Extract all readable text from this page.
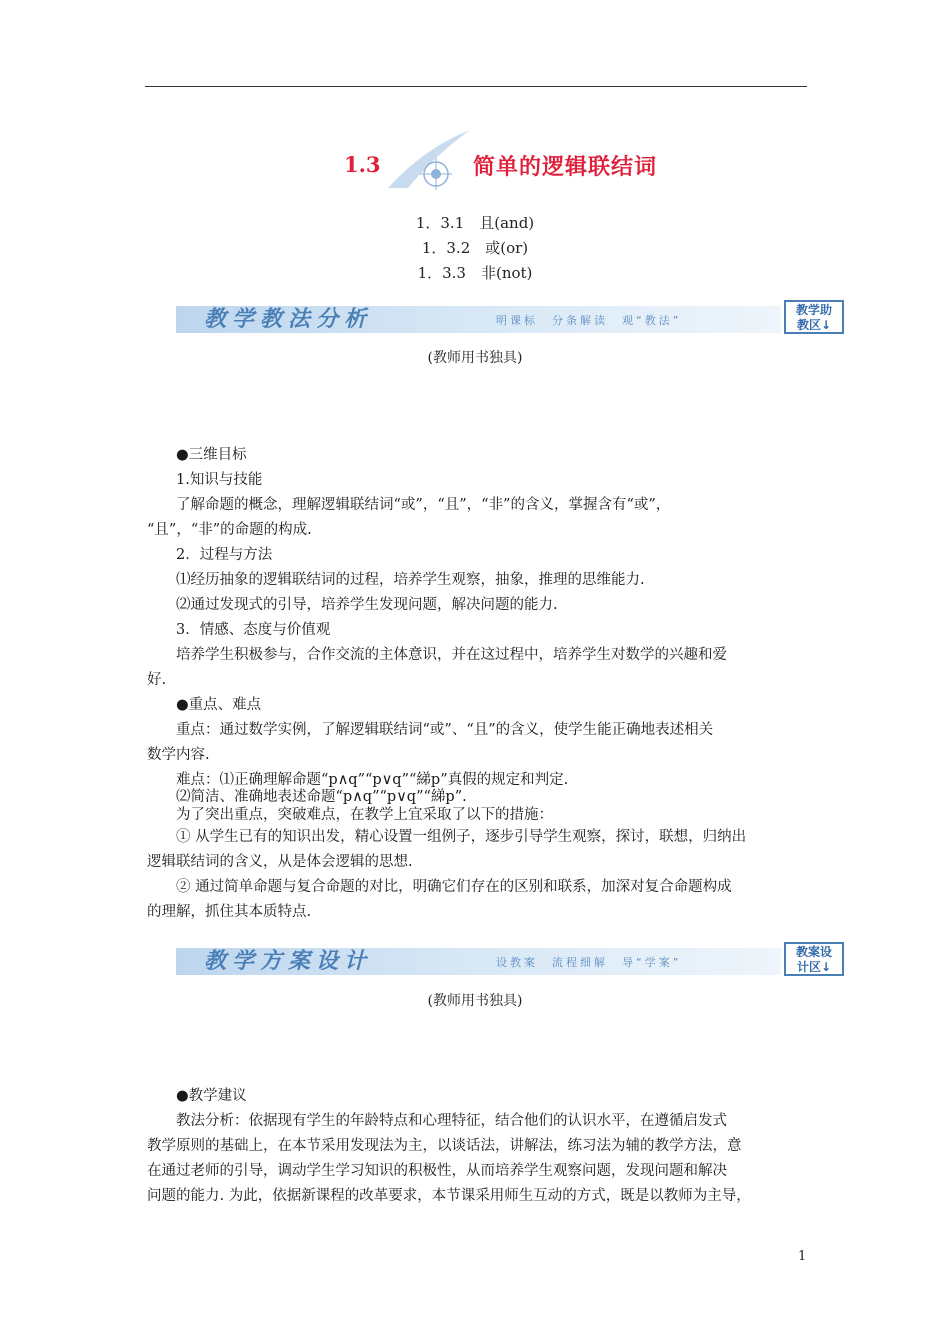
1.3	简单的逻辑联结词
1．3.1　且(and)
1．3.2　或(or)
1．3.3　非(not)
教学教法分析	明课标　分条解读　观“教法”
教学助
教区↓
(教师用书独具)
●三维目标
1.知识与技能
了解命题的概念，理解逻辑联结词“或”，“且”，“非”的含义，掌握含有“或”，
“且”，“非”的命题的构成.
2．过程与方法
⑴经历抽象的逻辑联结词的过程，培养学生观察，抽象，推理的思维能力.
⑵通过发现式的引导，培养学生发现问题，解决问题的能力.
3．情感、态度与价值观
培养学生积极参与，合作交流的主体意识，并在这过程中，培养学生对数学的兴趣和爱
好.
●重点、难点
重点：通过数学实例，了解逻辑联结词“或”、“且”的含义，使学生能正确地表述相关
数学内容.
难点：⑴正确理解命题“p∧q”“p∨q”“綈p”真假的规定和判定.
⑵简洁、准确地表述命题“p∧q”“p∨q”“綈p”.
为了突出重点，突破难点，在教学上宜采取了以下的措施：
① 从学生已有的知识出发，精心设置一组例子，逐步引导学生观察，探讨，联想，归纳出
逻辑联结词的含义，从是体会逻辑的思想.
② 通过简单命题与复合命题的对比，明确它们存在的区别和联系，加深对复合命题构成
的理解，抓住其本质特点.
教学方案设计	设教案　流程细解　导“学案”
教案设
计区↓
(教师用书独具)
●教学建议
教法分析：依据现有学生的年龄特点和心理特征，结合他们的认识水平，在遵循启发式
教学原则的基础上，在本节采用发现法为主，以谈话法，讲解法，练习法为辅的教学方法，意
在通过老师的引导，调动学生学习知识的积极性，从而培养学生观察问题，发现问题和解决
问题的能力. 为此，依据新课程的改革要求，本节课采用师生互动的方式，既是以教师为主导，
1
